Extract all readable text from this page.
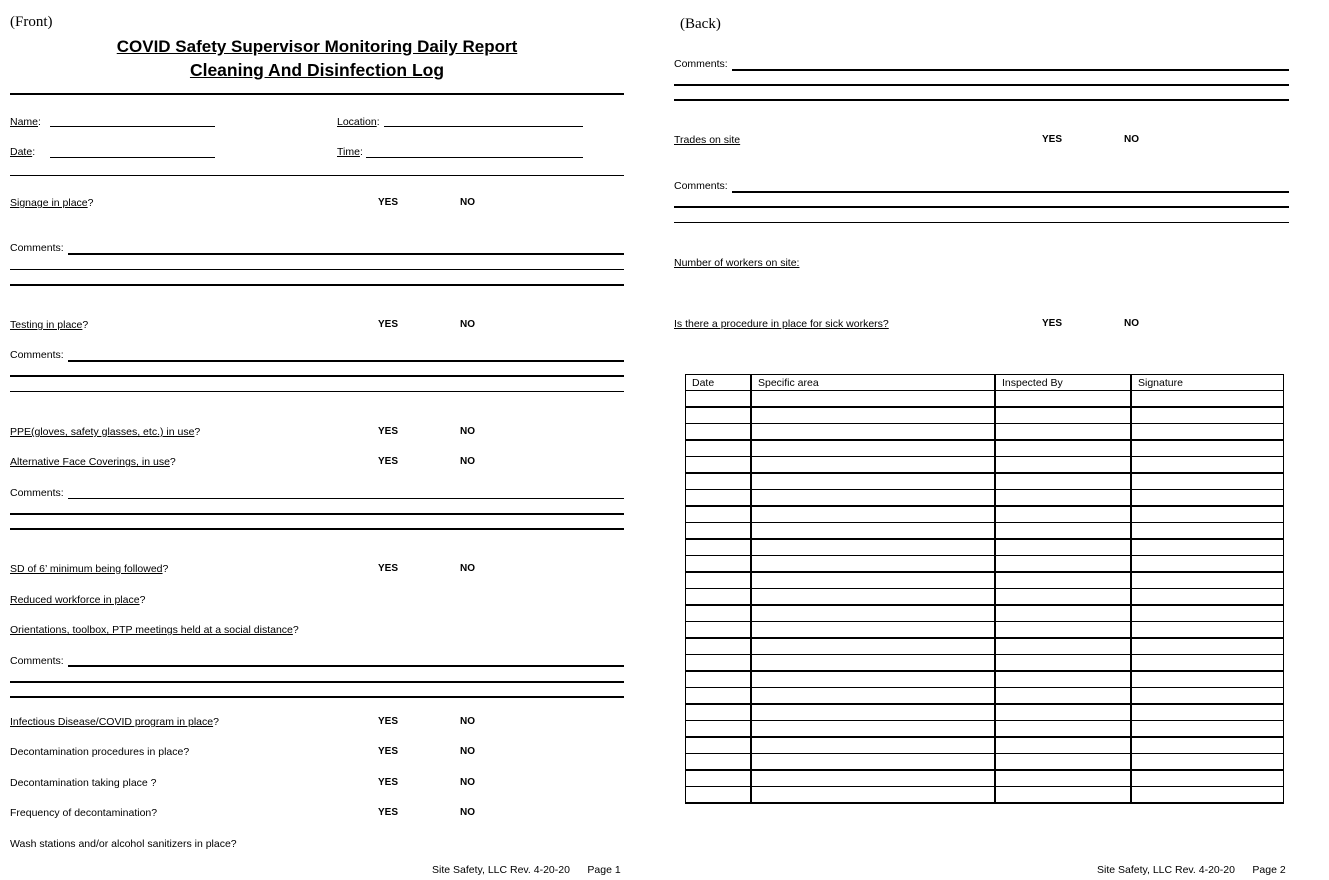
(Front)
COVID Safety Supervisor Monitoring Daily Report
Cleaning And Disinfection Log
Name:	Location:
Date:	Time:
Signage in place?	YES	NO
Comments:
Testing in place?	YES	NO
Comments:
PPE(gloves, safety glasses, etc.) in use?	YES	NO
Alternative Face Coverings, in use?	YES	NO
Comments:
SD of 6’ minimum being followed?	YES	NO
Reduced workforce in place?
Orientations, toolbox, PTP meetings held at a social distance?
Comments:
Infectious Disease/COVID program in place?	YES	NO
Decontamination procedures in place?	YES	NO
Decontamination taking place ?	YES	NO
Frequency of decontamination?	YES	NO
Wash stations and/or alcohol sanitizers in place?
Site Safety, LLC Rev. 4-20-20      Page 1
(Back)
Comments:
Trades on site	YES	NO
Comments:
Number of workers on site:
Is there a procedure in place for sick workers?	YES	NO
Date	Specific area	Inspected By	Signature

Site Safety, LLC Rev. 4-20-20      Page 2
